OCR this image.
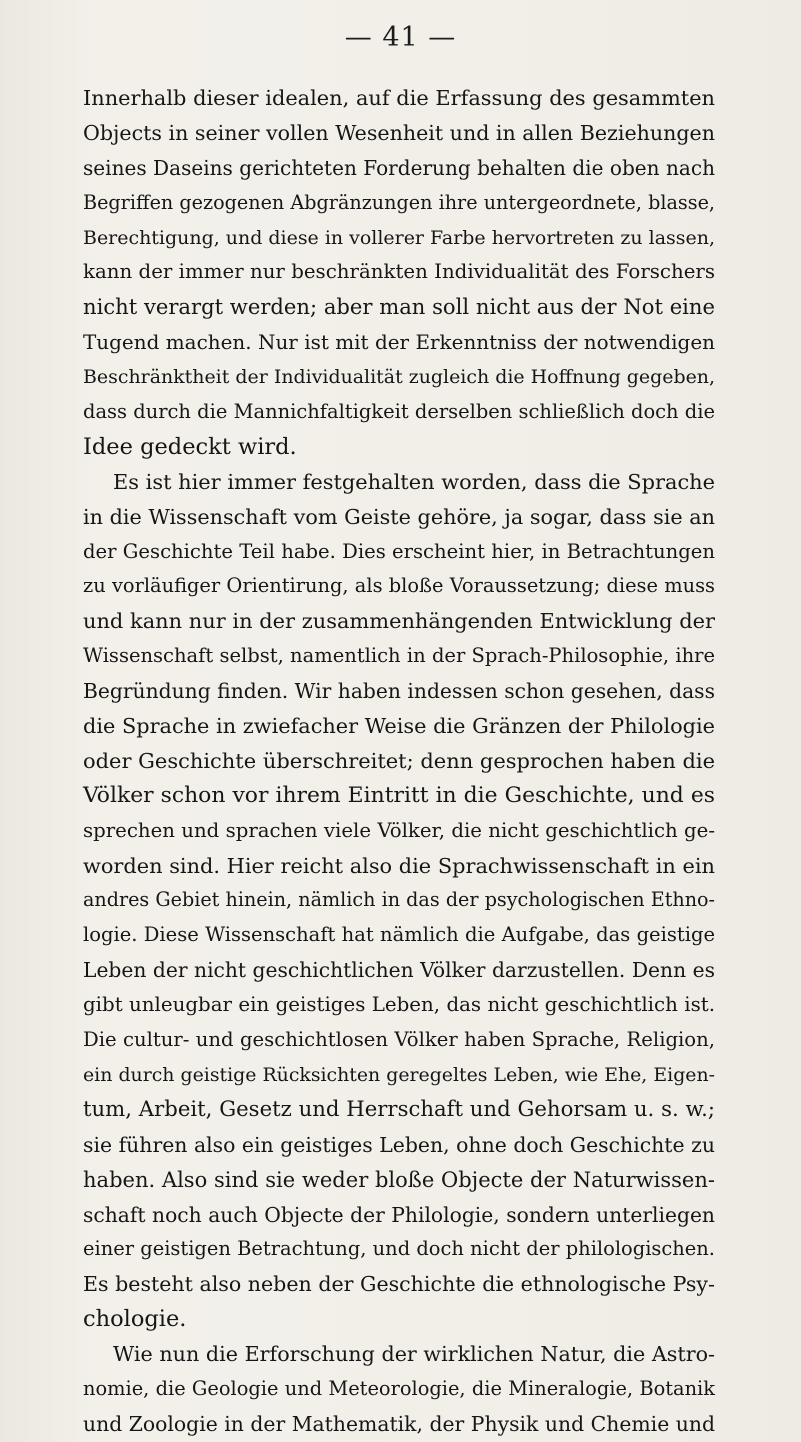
— 41 —
Innerhalb dieser idealen, auf die Erfassung des gesammten
Objects in seiner vollen Wesenheit und in allen Beziehungen
seines Daseins gerichteten Forderung behalten die oben nach
Begriffen gezogenen Abgränzungen ihre untergeordnete, blasse,
Berechtigung, und diese in vollerer Farbe hervortreten zu lassen,
kann der immer nur beschränkten Individualität des Forschers
nicht verargt werden; aber man soll nicht aus der Not eine
Tugend machen. Nur ist mit der Erkenntniss der notwendigen
Beschränktheit der Individualität zugleich die Hoffnung gegeben,
dass durch die Mannichfaltigkeit derselben schließlich doch die
Idee gedeckt wird.
Es ist hier immer festgehalten worden, dass die Sprache
in die Wissenschaft vom Geiste gehöre, ja sogar, dass sie an
der Geschichte Teil habe. Dies erscheint hier, in Betrachtungen
zu vorläufiger Orientirung, als bloße Voraussetzung; diese muss
und kann nur in der zusammenhängenden Entwicklung der
Wissenschaft selbst, namentlich in der Sprach-Philosophie, ihre
Begründung finden. Wir haben indessen schon gesehen, dass
die Sprache in zwiefacher Weise die Gränzen der Philologie
oder Geschichte überschreitet; denn gesprochen haben die
Völker schon vor ihrem Eintritt in die Geschichte, und es
sprechen und sprachen viele Völker, die nicht geschichtlich ge-
worden sind. Hier reicht also die Sprachwissenschaft in ein
andres Gebiet hinein, nämlich in das der psychologischen Ethno-
logie. Diese Wissenschaft hat nämlich die Aufgabe, das geistige
Leben der nicht geschichtlichen Völker darzustellen. Denn es
gibt unleugbar ein geistiges Leben, das nicht geschichtlich ist.
Die cultur- und geschichtlosen Völker haben Sprache, Religion,
ein durch geistige Rücksichten geregeltes Leben, wie Ehe, Eigen-
tum, Arbeit, Gesetz und Herrschaft und Gehorsam u. s. w.;
sie führen also ein geistiges Leben, ohne doch Geschichte zu
haben. Also sind sie weder bloße Objecte der Naturwissen-
schaft noch auch Objecte der Philologie, sondern unterliegen
einer geistigen Betrachtung, und doch nicht der philologischen.
Es besteht also neben der Geschichte die ethnologische Psy-
chologie.
Wie nun die Erforschung der wirklichen Natur, die Astro-
nomie, die Geologie und Meteorologie, die Mineralogie, Botanik
und Zoologie in der Mathematik, der Physik und Chemie und
